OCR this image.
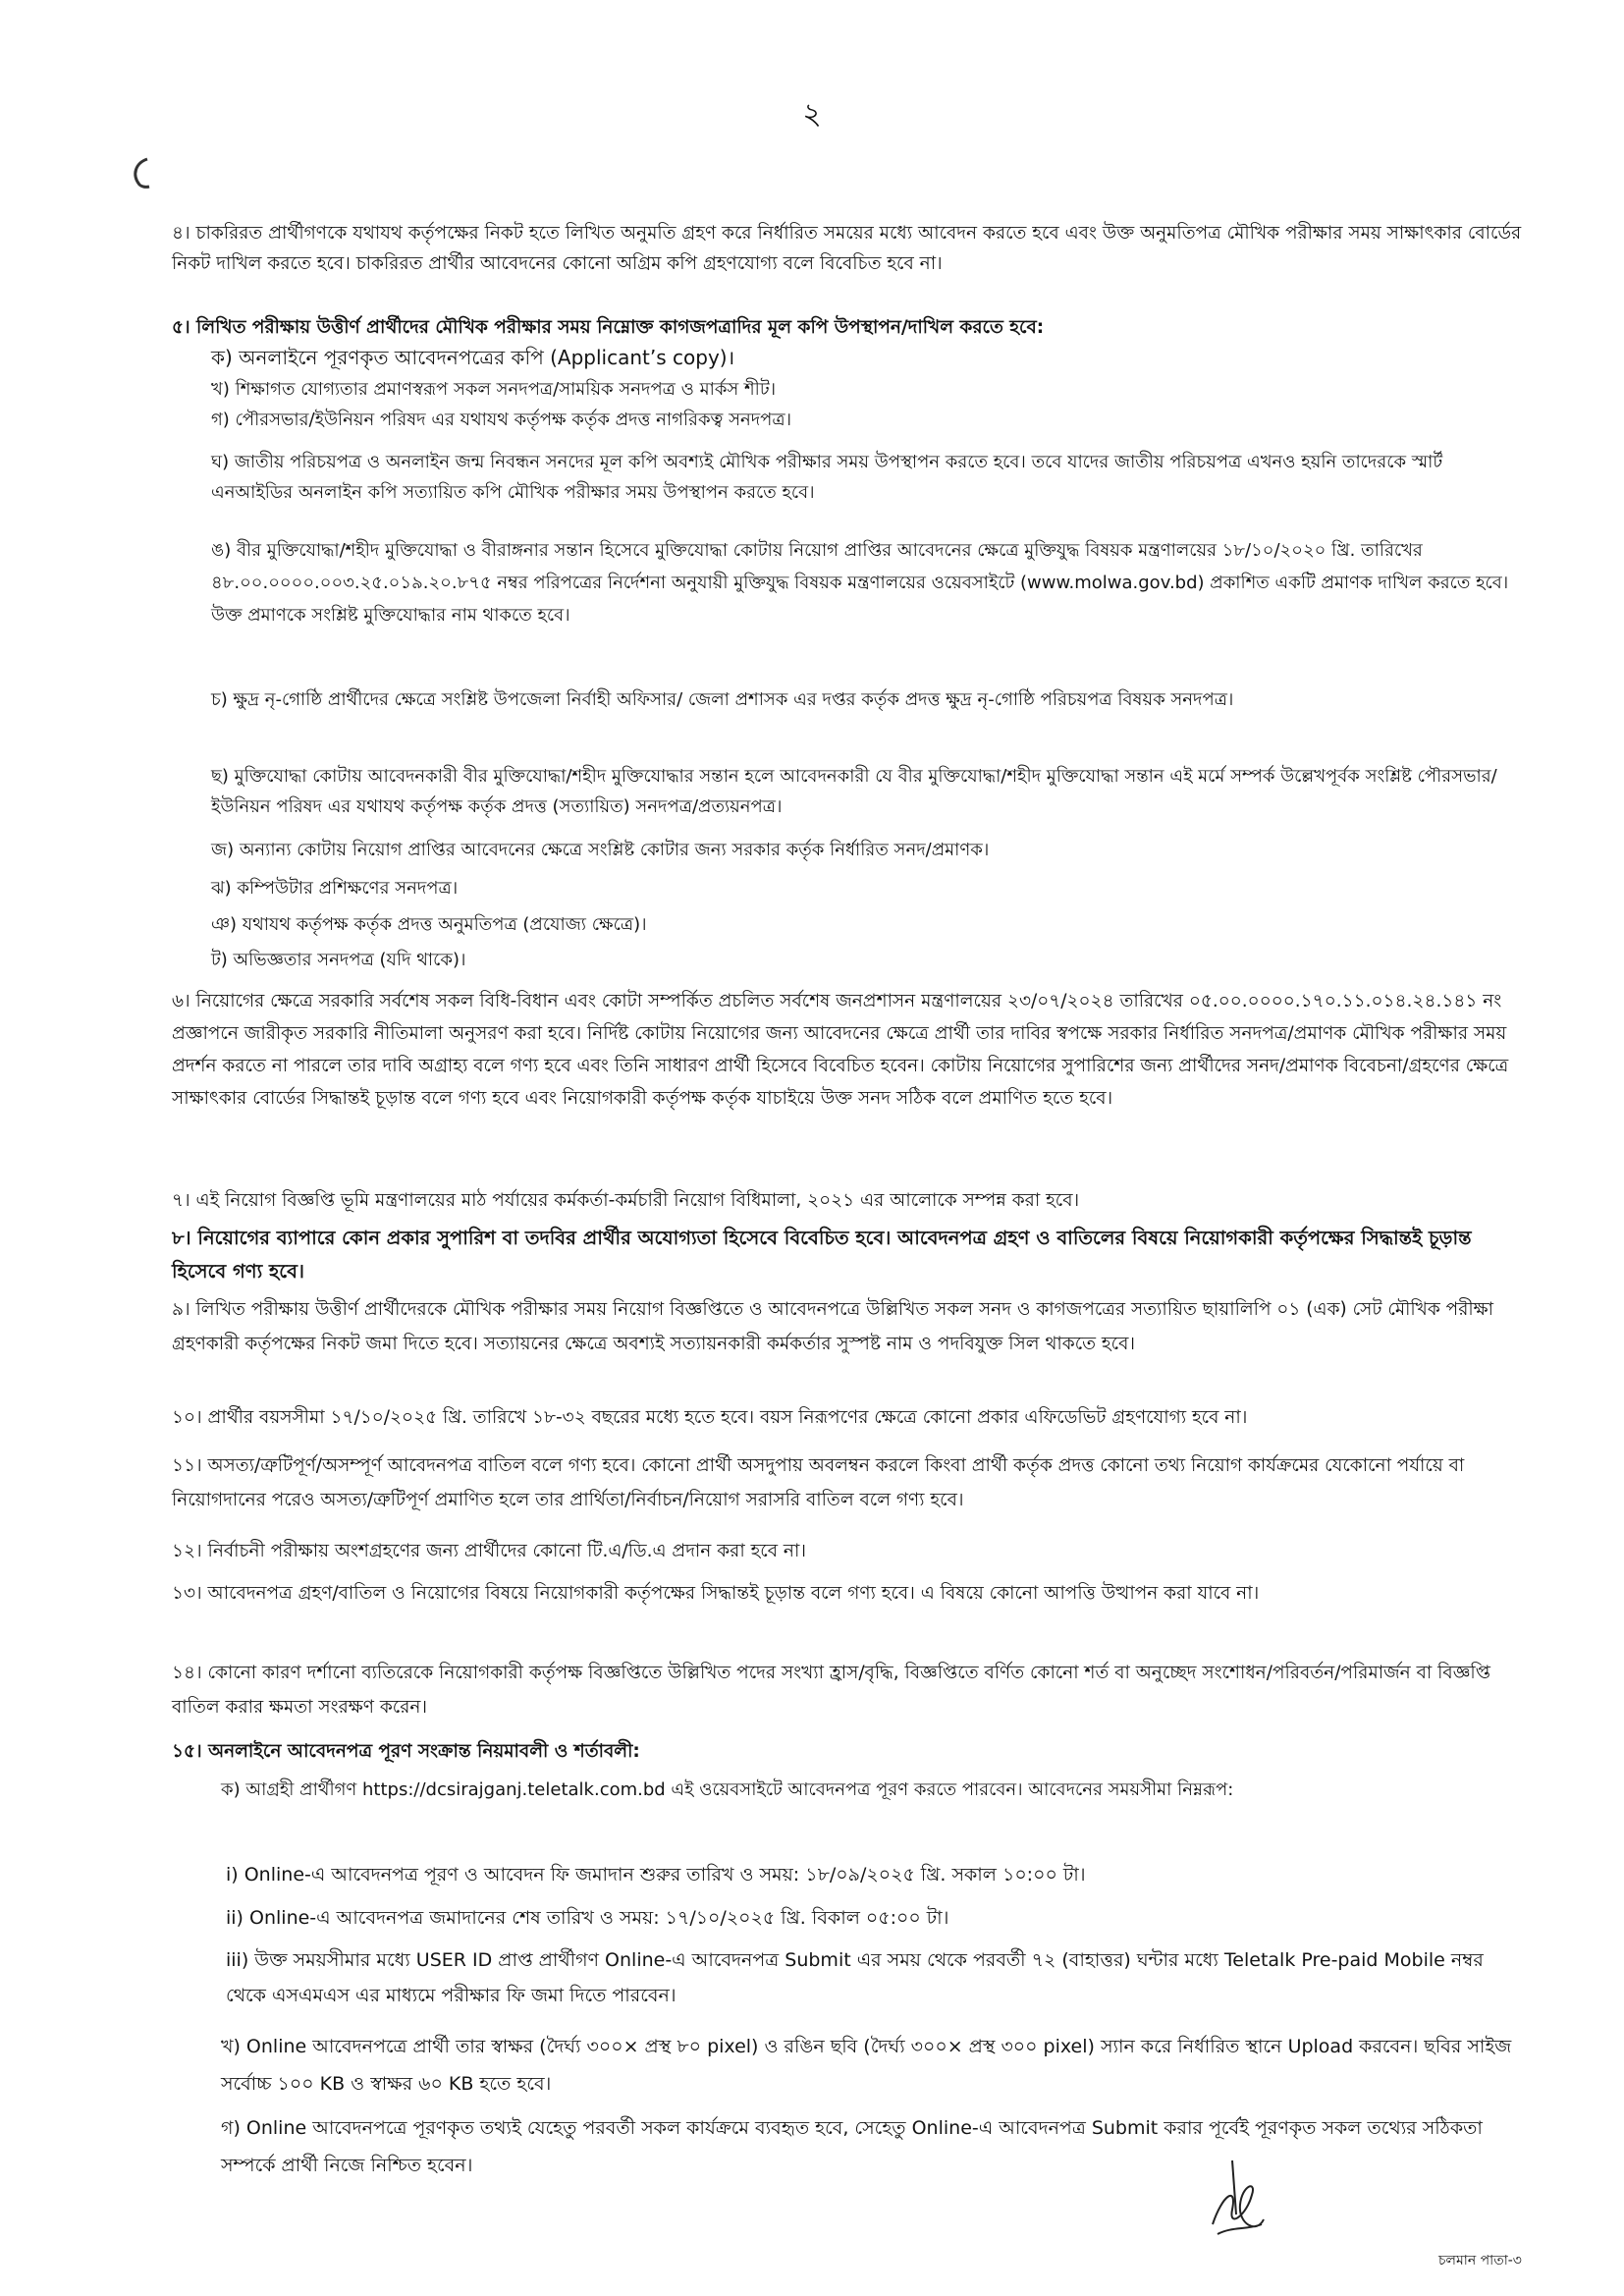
২
৪। চাকরিরত প্রার্থীগণকে যথাযথ কর্তৃপক্ষের নিকট হতে লিখিত অনুমতি গ্রহণ করে নির্ধারিত সময়ের মধ্যে আবেদন করতে হবে এবং উক্ত অনুমতিপত্র মৌখিক পরীক্ষার সময় সাক্ষাৎকার বোর্ডের নিকট দাখিল করতে হবে। চাকরিরত প্রার্থীর আবেদনের কোনো অগ্রিম কপি গ্রহণযোগ্য বলে বিবেচিত হবে না।
৫। লিখিত পরীক্ষায় উত্তীর্ণ প্রার্থীদের মৌখিক পরীক্ষার সময় নিম্নোক্ত কাগজপত্রাদির মূল কপি উপস্থাপন/দাখিল করতে হবে:
ক) অনলাইনে পূরণকৃত আবেদনপত্রের কপি (Applicant’s copy)।
খ) শিক্ষাগত যোগ্যতার প্রমাণস্বরূপ সকল সনদপত্র/সাময়িক সনদপত্র ও মার্কস শীট।
গ) পৌরসভার/ইউনিয়ন পরিষদ এর যথাযথ কর্তৃপক্ষ কর্তৃক প্রদত্ত নাগরিকত্ব সনদপত্র।
ঘ) জাতীয় পরিচয়পত্র ও অনলাইন জন্ম নিবন্ধন সনদের মূল কপি অবশ্যই মৌখিক পরীক্ষার সময় উপস্থাপন করতে হবে। তবে যাদের জাতীয় পরিচয়পত্র এখনও হয়নি তাদেরকে স্মার্ট এনআইডির অনলাইন কপি সত্যায়িত কপি মৌখিক পরীক্ষার সময় উপস্থাপন করতে হবে।
ঙ) বীর মুক্তিযোদ্ধা/শহীদ মুক্তিযোদ্ধা ও বীরাঙ্গনার সন্তান হিসেবে মুক্তিযোদ্ধা কোটায় নিয়োগ প্রাপ্তির আবেদনের ক্ষেত্রে মুক্তিযুদ্ধ বিষয়ক মন্ত্রণালয়ের ১৮/১০/২০২০ খ্রি. তারিখের ৪৮.০০.০০০০.০০৩.২৫.০১৯.২০.৮৭৫ নম্বর পরিপত্রের নির্দেশনা অনুযায়ী মুক্তিযুদ্ধ বিষয়ক মন্ত্রণালয়ের ওয়েবসাইটে (www.molwa.gov.bd) প্রকাশিত একটি প্রমাণক দাখিল করতে হবে। উক্ত প্রমাণকে সংশ্লিষ্ট মুক্তিযোদ্ধার নাম থাকতে হবে।
চ) ক্ষুদ্র নৃ-গোষ্ঠি প্রার্থীদের ক্ষেত্রে সংশ্লিষ্ট উপজেলা নির্বাহী অফিসার/ জেলা প্রশাসক এর দপ্তর কর্তৃক প্রদত্ত ক্ষুদ্র নৃ-গোষ্ঠি পরিচয়পত্র বিষয়ক সনদপত্র।
ছ) মুক্তিযোদ্ধা কোটায় আবেদনকারী বীর মুক্তিযোদ্ধা/শহীদ মুক্তিযোদ্ধার সন্তান হলে আবেদনকারী যে বীর মুক্তিযোদ্ধা/শহীদ মুক্তিযোদ্ধা সন্তান এই মর্মে সম্পর্ক উল্লেখপূর্বক সংশ্লিষ্ট পৌরসভার/ইউনিয়ন পরিষদ এর যথাযথ কর্তৃপক্ষ কর্তৃক প্রদত্ত (সত্যায়িত) সনদপত্র/প্রত্যয়নপত্র।
জ) অন্যান্য কোটায় নিয়োগ প্রাপ্তির আবেদনের ক্ষেত্রে সংশ্লিষ্ট কোটার জন্য সরকার কর্তৃক নির্ধারিত সনদ/প্রমাণক।
ঝ) কম্পিউটার প্রশিক্ষণের সনদপত্র।
ঞ) যথাযথ কর্তৃপক্ষ কর্তৃক প্রদত্ত অনুমতিপত্র (প্রযোজ্য ক্ষেত্রে)।
ট) অভিজ্ঞতার সনদপত্র (যদি থাকে)।
৬। নিয়োগের ক্ষেত্রে সরকারি সর্বশেষ সকল বিধি-বিধান এবং কোটা সম্পর্কিত প্রচলিত সর্বশেষ জনপ্রশাসন মন্ত্রণালয়ের ২৩/০৭/২০২৪ তারিখের ০৫.০০.০০০০.১৭০.১১.০১৪.২৪.১৪১ নং প্রজ্ঞাপনে জারীকৃত সরকারি নীতিমালা অনুসরণ করা হবে। নির্দিষ্ট কোটায় নিয়োগের জন্য আবেদনের ক্ষেত্রে প্রার্থী তার দাবির স্বপক্ষে সরকার নির্ধারিত সনদপত্র/প্রমাণক মৌখিক পরীক্ষার সময় প্রদর্শন করতে না পারলে তার দাবি অগ্রাহ্য বলে গণ্য হবে এবং তিনি সাধারণ প্রার্থী হিসেবে বিবেচিত হবেন। কোটায় নিয়োগের সুপারিশের জন্য প্রার্থীদের সনদ/প্রমাণক বিবেচনা/গ্রহণের ক্ষেত্রে সাক্ষাৎকার বোর্ডের সিদ্ধান্তই চূড়ান্ত বলে গণ্য হবে এবং নিয়োগকারী কর্তৃপক্ষ কর্তৃক যাচাইয়ে উক্ত সনদ সঠিক বলে প্রমাণিত হতে হবে।
৭। এই নিয়োগ বিজ্ঞপ্তি ভূমি মন্ত্রণালয়ের মাঠ পর্যায়ের কর্মকর্তা-কর্মচারী নিয়োগ বিধিমালা, ২০২১ এর আলোকে সম্পন্ন করা হবে।
৮। নিয়োগের ব্যাপারে কোন প্রকার সুপারিশ বা তদবির প্রার্থীর অযোগ্যতা হিসেবে বিবেচিত হবে। আবেদনপত্র গ্রহণ ও বাতিলের বিষয়ে নিয়োগকারী কর্তৃপক্ষের সিদ্ধান্তই চূড়ান্ত হিসেবে গণ্য হবে।
৯। লিখিত পরীক্ষায় উত্তীর্ণ প্রার্থীদেরকে মৌখিক পরীক্ষার সময় নিয়োগ বিজ্ঞপ্তিতে ও আবেদনপত্রে উল্লিখিত সকল সনদ ও কাগজপত্রের সত্যায়িত ছায়ালিপি ০১ (এক) সেট মৌখিক পরীক্ষা গ্রহণকারী কর্তৃপক্ষের নিকট জমা দিতে হবে। সত্যায়নের ক্ষেত্রে অবশ্যই সত্যায়নকারী কর্মকর্তার সুস্পষ্ট নাম ও পদবিযুক্ত সিল থাকতে হবে।
১০। প্রার্থীর বয়সসীমা ১৭/১০/২০২৫ খ্রি. তারিখে ১৮-৩২ বছরের মধ্যে হতে হবে। বয়স নিরূপণের ক্ষেত্রে কোনো প্রকার এফিডেভিট গ্রহণযোগ্য হবে না।
১১। অসত্য/ত্রুটিপূর্ণ/অসম্পূর্ণ আবেদনপত্র বাতিল বলে গণ্য হবে। কোনো প্রার্থী অসদুপায় অবলম্বন করলে কিংবা প্রার্থী কর্তৃক প্রদত্ত কোনো তথ্য নিয়োগ কার্যক্রমের যেকোনো পর্যায়ে বা নিয়োগদানের পরেও অসত্য/ত্রুটিপূর্ণ প্রমাণিত হলে তার প্রার্থিতা/নির্বাচন/নিয়োগ সরাসরি বাতিল বলে গণ্য হবে।
১২। নির্বাচনী পরীক্ষায় অংশগ্রহণের জন্য প্রার্থীদের কোনো টি.এ/ডি.এ প্রদান করা হবে না।
১৩। আবেদনপত্র গ্রহণ/বাতিল ও নিয়োগের বিষয়ে নিয়োগকারী কর্তৃপক্ষের সিদ্ধান্তই চূড়ান্ত বলে গণ্য হবে। এ বিষয়ে কোনো আপত্তি উত্থাপন করা যাবে না।
১৪। কোনো কারণ দর্শানো ব্যতিরেকে নিয়োগকারী কর্তৃপক্ষ বিজ্ঞপ্তিতে উল্লিখিত পদের সংখ্যা হ্রাস/বৃদ্ধি, বিজ্ঞপ্তিতে বর্ণিত কোনো শর্ত বা অনুচ্ছেদ সংশোধন/পরিবর্তন/পরিমার্জন বা বিজ্ঞপ্তি বাতিল করার ক্ষমতা সংরক্ষণ করেন।
১৫। অনলাইনে আবেদনপত্র পূরণ সংক্রান্ত নিয়মাবলী ও শর্তাবলী:
ক) আগ্রহী প্রার্থীগণ https://dcsirajganj.teletalk.com.bd এই ওয়েবসাইটে আবেদনপত্র পূরণ করতে পারবেন। আবেদনের সময়সীমা নিম্নরূপ:
i) Online-এ আবেদনপত্র পূরণ ও আবেদন ফি জমাদান শুরুর তারিখ ও সময়: ১৮/০৯/২০২৫ খ্রি. সকাল ১০:০০ টা।
ii) Online-এ আবেদনপত্র জমাদানের শেষ তারিখ ও সময়: ১৭/১০/২০২৫ খ্রি. বিকাল ০৫:০০ টা।
iii) উক্ত সময়সীমার মধ্যে USER ID প্রাপ্ত প্রার্থীগণ Online-এ আবেদনপত্র Submit এর সময় থেকে পরবর্তী ৭২ (বাহাত্তর) ঘন্টার মধ্যে Teletalk Pre-paid Mobile নম্বর থেকে এসএমএস এর মাধ্যমে পরীক্ষার ফি জমা দিতে পারবেন।
খ) Online আবেদনপত্রে প্রার্থী তার স্বাক্ষর (দৈর্ঘ্য ৩০০× প্রস্থ ৮০ pixel) ও রঙিন ছবি (দৈর্ঘ্য ৩০০× প্রস্থ ৩০০ pixel) স্যান করে নির্ধারিত স্থানে Upload করবেন। ছবির সাইজ সর্বোচ্চ ১০০ KB ও স্বাক্ষর ৬০ KB হতে হবে।
গ) Online আবেদনপত্রে পূরণকৃত তথ্যই যেহেতু পরবর্তী সকল কার্যক্রমে ব্যবহৃত হবে, সেহেতু Online-এ আবেদনপত্র Submit করার পূর্বেই পূরণকৃত সকল তথ্যের সঠিকতা সম্পর্কে প্রার্থী নিজে নিশ্চিত হবেন।
চলমান পাতা-৩
